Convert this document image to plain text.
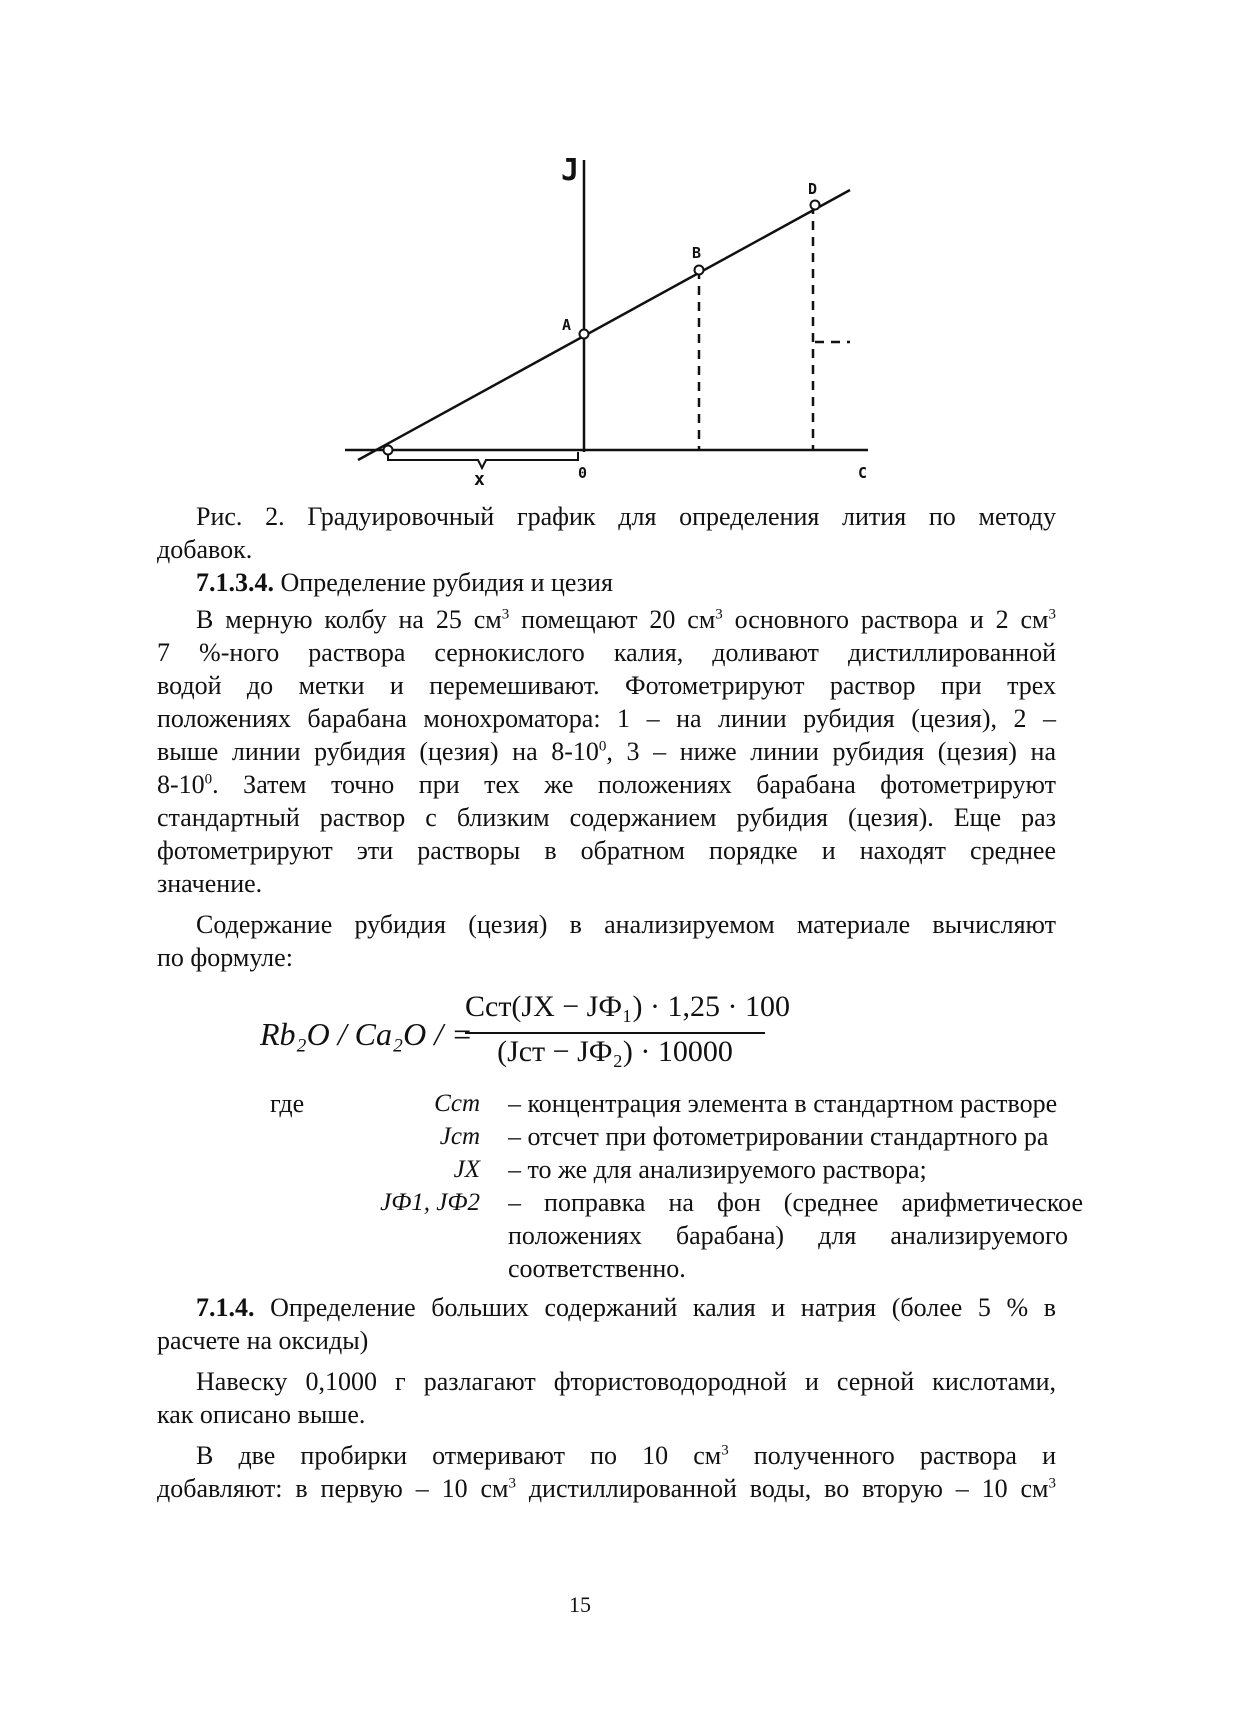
J
A
B
D
x	0	C
Рис. 2. Градуировочный график для определения лития по методу
добавок.
7.1.3.4. Определение рубидия и цезия
В мерную колбу на 25 $см^3$ помещают 20 $см^3$ основного раствора и 2 $см^3$
7 %-ного раствора сернокислого калия, доливают дистиллированной
водой до метки и перемешивают. Фотометрируют раствор при трех
положениях барабана монохроматора: 1 – на линии рубидия (цезия), 2 –
выше линии рубидия (цезия) на $8-10^0$, 3 – ниже линии рубидия (цезия) на
$8-10^0$. Затем точно при тех же положениях барабана фотометрируют
стандартный раствор с близким содержанием рубидия (цезия). Еще раз
фотометрируют эти растворы в обратном порядке и находят среднее
значение.
Содержание рубидия (цезия) в анализируемом материале вычисляют
по формуле:
Rb₂O / Ca₂O / =
Cст(JX − JФ₁) · 1,25 · 100
(Jст − JФ₂) · 10000
где	Cст – концентрация элемента в стандартном растворе
Jст – отсчет при фотометрировании стандартного ра
JX – то же для анализируемого раствора;
JФ1, JФ2 – поправка на фон (среднее арифметическое
положениях барабана) для анализируемого
соответственно.
7.1.4. Определение больших содержаний калия и натрия (более 5 % в
расчете на оксиды)
Навеску 0,1000 г разлагают фтористоводородной и серной кислотами,
как описано выше.
В две пробирки отмеривают по 10 $см^3$ полученного раствора и
добавляют: в первую – 10 $см^3$ дистиллированной воды, во вторую – 10 $см^3$
15
